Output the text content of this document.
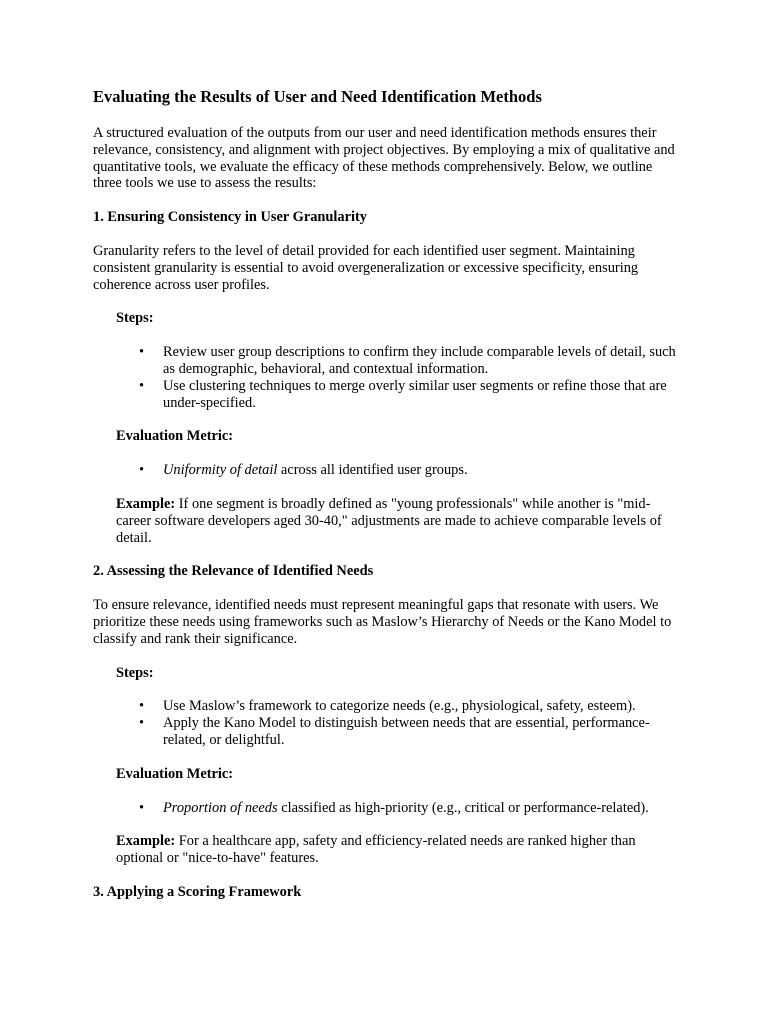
Evaluating the Results of User and Need Identification Methods

A structured evaluation of the outputs from our user and need identification methods ensures their relevance, consistency, and alignment with project objectives. By employing a mix of qualitative and quantitative tools, we evaluate the efficacy of these methods comprehensively. Below, we outline three tools we use to assess the results:

1. Ensuring Consistency in User Granularity

Granularity refers to the level of detail provided for each identified user segment. Maintaining consistent granularity is essential to avoid overgeneralization or excessive specificity, ensuring coherence across user profiles.

Steps:

• Review user group descriptions to confirm they include comparable levels of detail, such as demographic, behavioral, and contextual information.
• Use clustering techniques to merge overly similar user segments or refine those that are under-specified.

Evaluation Metric:

• Uniformity of detail across all identified user groups.

Example: If one segment is broadly defined as "young professionals" while another is "mid-career software developers aged 30-40," adjustments are made to achieve comparable levels of detail.

2. Assessing the Relevance of Identified Needs

To ensure relevance, identified needs must represent meaningful gaps that resonate with users. We prioritize these needs using frameworks such as Maslow’s Hierarchy of Needs or the Kano Model to classify and rank their significance.

Steps:

• Use Maslow’s framework to categorize needs (e.g., physiological, safety, esteem).
• Apply the Kano Model to distinguish between needs that are essential, performance-related, or delightful.

Evaluation Metric:

• Proportion of needs classified as high-priority (e.g., critical or performance-related).

Example: For a healthcare app, safety and efficiency-related needs are ranked higher than optional or "nice-to-have" features.

3. Applying a Scoring Framework
